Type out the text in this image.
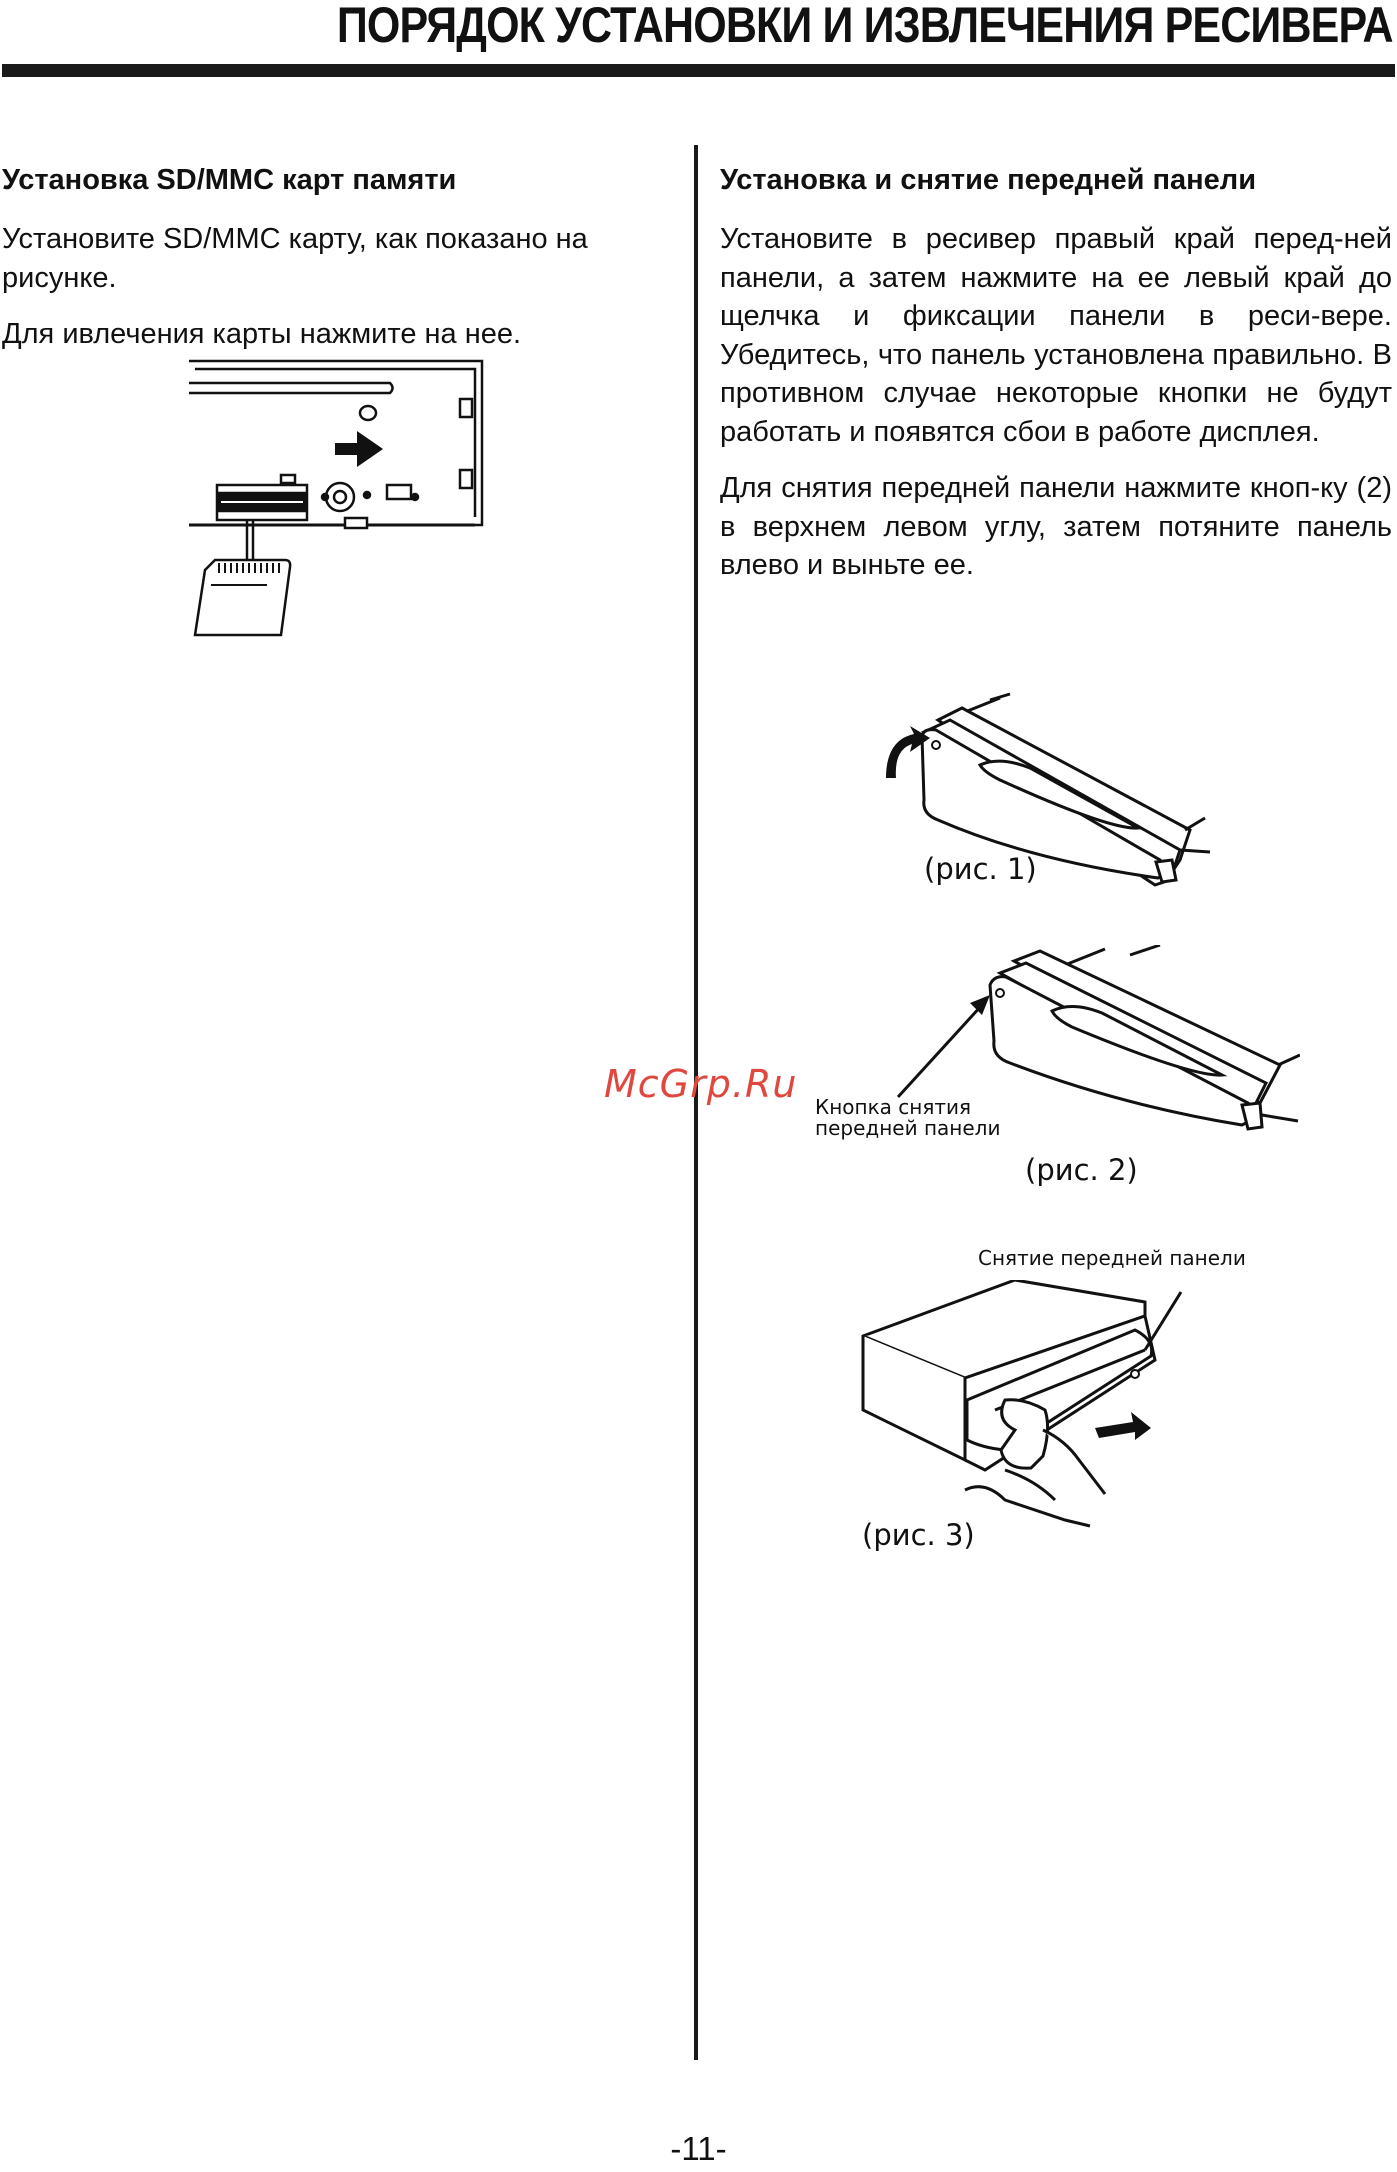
ПОРЯДОК УСТАНОВКИ И ИЗВЛЕЧЕНИЯ РЕСИВЕРА
Установка SD/MMC карт памяти

Установите SD/MMC карту, как показано на рисунке.

Для ивлечения карты нажмите на нее.

Установка и снятие передней панели

Установите в ресивер правый край перед-ней панели, а затем нажмите на ее левый край до щелчка и фиксации панели в реси-вере. Убедитесь, что панель установлена правильно. В противном случае некоторые кнопки не будут работать и появятся сбои в работе дисплея.

Для снятия передней панели нажмите кноп-ку (2) в верхнем левом углу, затем потяните панель влево и выньте ее.

(рис. 1)
Кнопка снятия
передней панели
(рис. 2)
Снятие передней панели
(рис. 3)
McGrp.Ru
-11-
